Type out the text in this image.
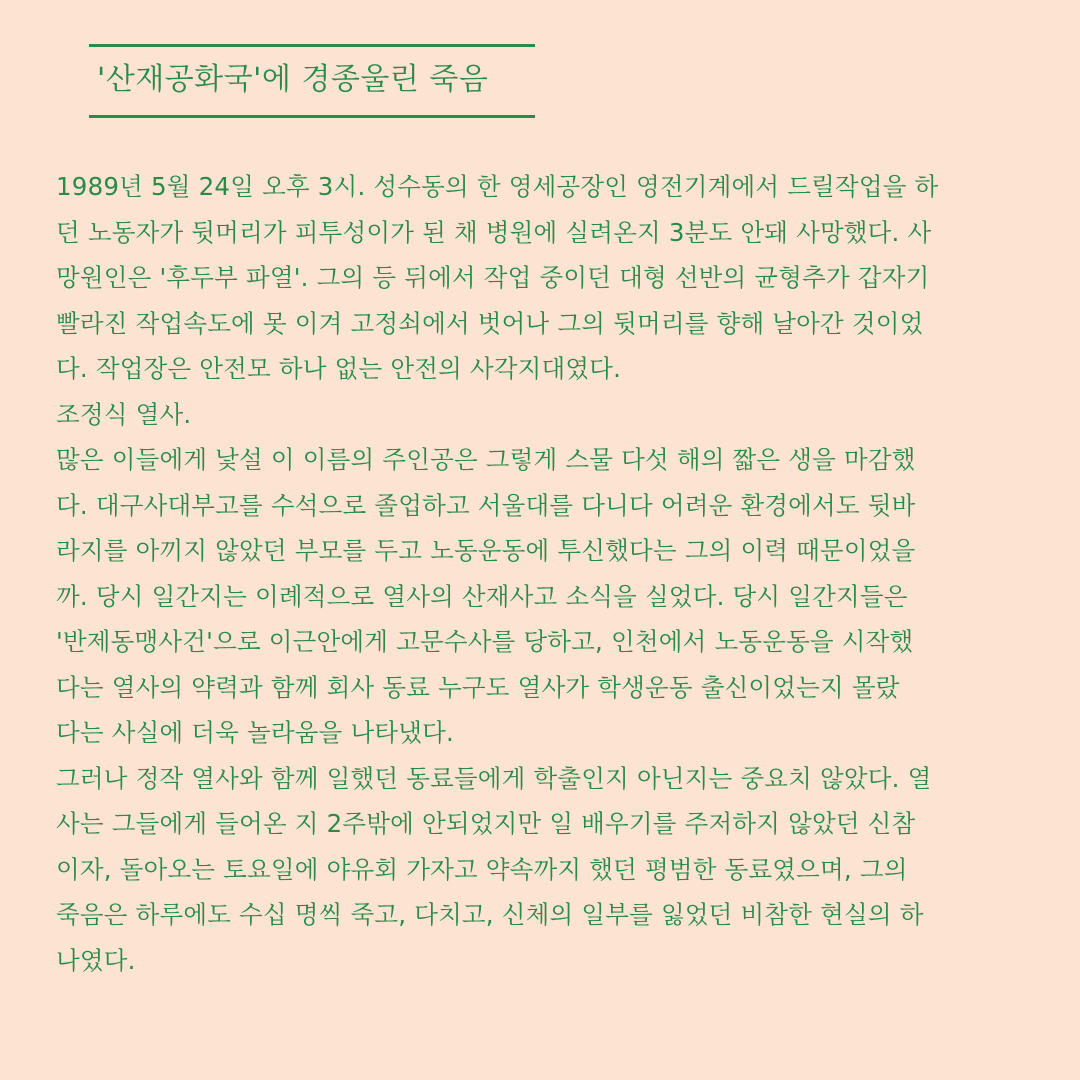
'산재공화국'에 경종울린 죽음
1989년 5월 24일 오후 3시. 성수동의 한 영세공장인 영전기계에서 드릴작업을 하
던 노동자가 뒷머리가 피투성이가 된 채 병원에 실려온지 3분도 안돼 사망했다. 사
망원인은 '후두부 파열'. 그의 등 뒤에서 작업 중이던 대형 선반의 균형추가 갑자기
빨라진 작업속도에 못 이겨 고정쇠에서 벗어나 그의 뒷머리를 향해 날아간 것이었
다. 작업장은 안전모 하나 없는 안전의 사각지대였다.
조정식 열사.
많은 이들에게 낯설 이 이름의 주인공은 그렇게 스물 다섯 해의 짧은 생을 마감했
다. 대구사대부고를 수석으로 졸업하고 서울대를 다니다 어려운 환경에서도 뒷바
라지를 아끼지 않았던 부모를 두고 노동운동에 투신했다는 그의 이력 때문이었을
까. 당시 일간지는 이례적으로 열사의 산재사고 소식을 실었다. 당시 일간지들은
'반제동맹사건'으로 이근안에게 고문수사를 당하고, 인천에서 노동운동을 시작했
다는 열사의 약력과 함께 회사 동료 누구도 열사가 학생운동 출신이었는지 몰랐
다는 사실에 더욱 놀라움을 나타냈다.
그러나 정작 열사와 함께 일했던 동료들에게 학출인지 아닌지는 중요치 않았다. 열
사는 그들에게 들어온 지 2주밖에 안되었지만 일 배우기를 주저하지 않았던 신참
이자, 돌아오는 토요일에 야유회 가자고 약속까지 했던 평범한 동료였으며, 그의
죽음은 하루에도 수십 명씩 죽고, 다치고, 신체의 일부를 잃었던 비참한 현실의 하
나였다.
